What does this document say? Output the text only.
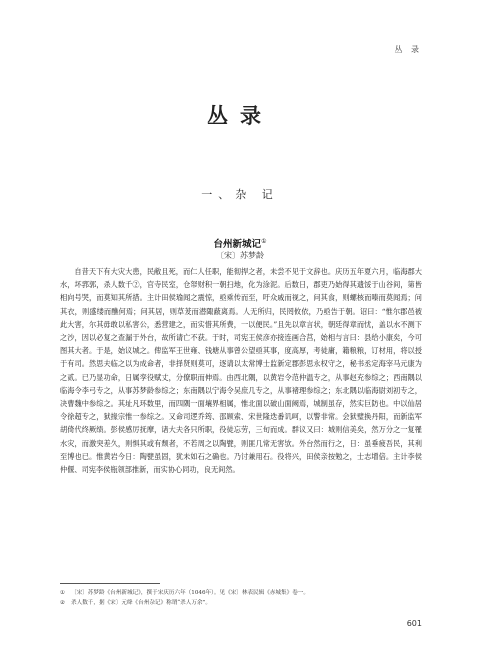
丛 录
丛录
一、杂 记
台州新城记①
〔宋〕苏梦龄
自昔天下有大灾大患，民敝且死，而仁人任职，能彻捍之者，未尝不见于文辞也。庆历五年夏六月，临海郡大水，坏郛郭，杀人数千②，官寺民室，仓帑财积一朝扫地，化为涂泥。后数日，郡吏乃始得其遗馁于山谷间，第皆相向号哭，而莫知其所措。主计田侯瑜闻之震惊，亟乘传而至，吁众戚而视之，问其食，则螺核而嗪而莫闻焉；问其衣，则盛缕而醮何焉；问其居，则草茇而潜陬蔽离焉。人无所归，民罔攸依，乃亟告于朝。诏曰：“惟尔郡邑被此大害，尔其毋敢以私害公，悉营建之，而实惜其所费，一以便民。”且先以章言状，朝廷得章而忧，盖以水不测下之沙，因以必复之查漏于外台，故所请亡不获。于时，司宪王侯彦亦接连画合莒，始相与言曰：县给小康矣，今可图其大者。于是，始议城之。俾监军王世雍、钱塘从事曾公望亟其事，度高厚，考徒庸，籍粮粮，订材用，将以授于有司。然思夫临之以为成命者，非择贤则莫可，逐请以太常博士监新定郡彭思永权守之，秘书丞定海宰马元康为之贰。已乃显功命，日属孪役赋丈，分僚职而伸焉。由西北隅，以黄岩令范仲温专之，从事赵充参综之；西南隅以临海令李弓专之，从事苏梦龄参综之；东南隅以宁海令吴庶几专之，从事褚理参综之；东北隅以临海尉刘初专之，决曹魏中参综之。其址凡环数里，而四隅一面壤界相属，惟北面以破山面阙焉，城制虽存，然实巨防也。中以仙居令徐超专之，狱掾宗惟一参综之。又命司逻乔筠、邵顾索、宋世隆迭番讥呵，以警非常。会狱璧换丹阳，而新监军胡倚代终厥绩。彭侯感厉抚摩，诸大夫各只所职，役徒忘劳，三旬而成。群议又曰：城则信美矣，然万分之一复罹水灾，而激突差久，则惧其或有颓者，不若周之以陶甓，则匪几常无害欤。外台然而行之，日：虽垂疲吾民，其利至博也已。惟黄岩今日：陶甓虽固，犹未如石之确也。乃讨兼用石。役将兴，田侯亲按勉之，士志增倍。主计李侯仲偃、司宪李侯瓶领部推新，而实协心同功，良无间然。
① 〔宋〕苏梦龄《台州新城记》，撰于宋庆历六年（1046年）。见《宋〕林表民辑《赤城集》卷一。
② 杀人数千，据《宋〕元绛《台州杂记》称谓“杀人万余”。
601
